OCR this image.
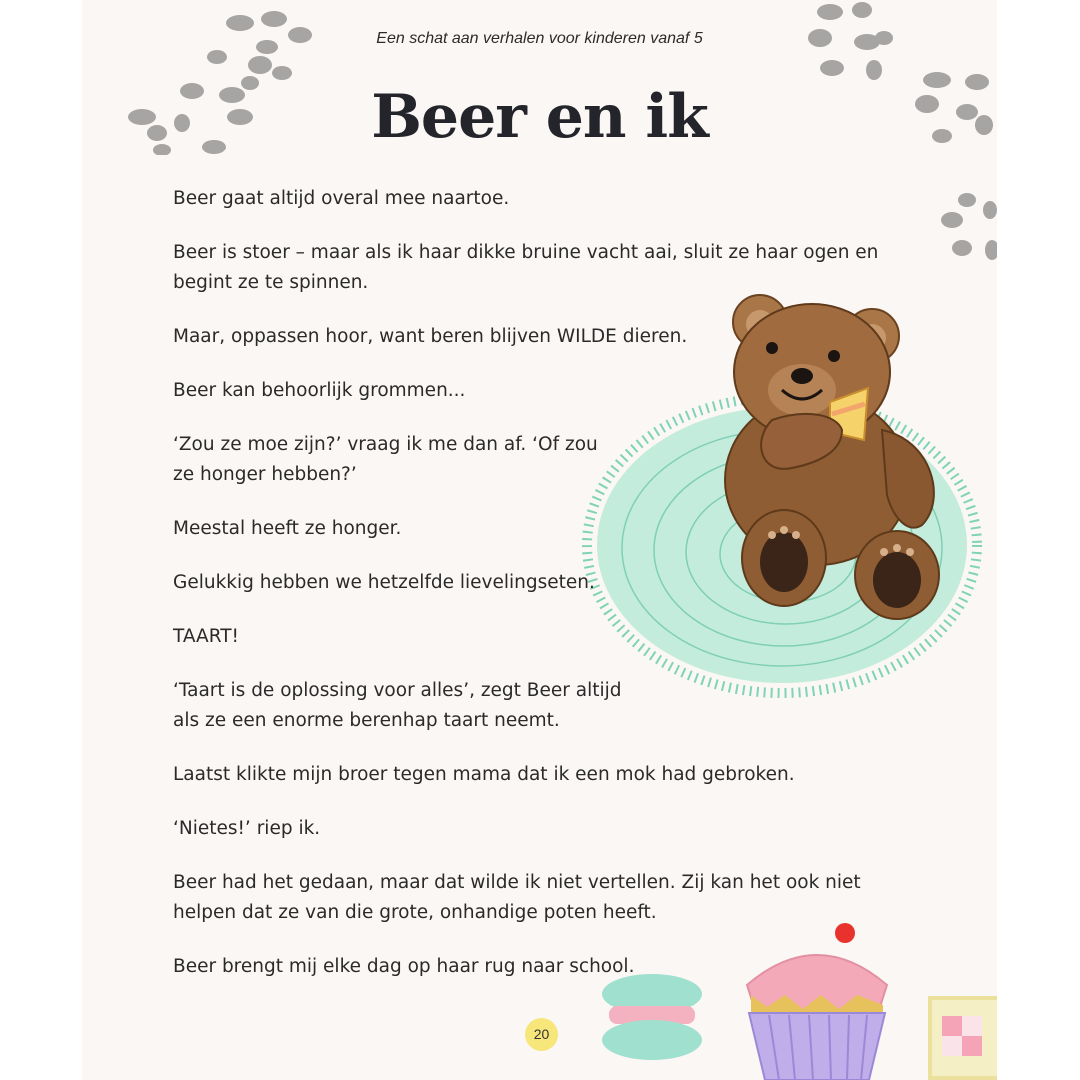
Een schat aan verhalen voor kinderen vanaf 5
Beer en ik

Beer gaat altijd overal mee naartoe.

Beer is stoer – maar als ik haar dikke bruine vacht aai, sluit ze haar ogen en begint ze te spinnen.

Maar, oppassen hoor, want beren blijven WILDE dieren.

Beer kan behoorlijk grommen...

‘Zou ze moe zijn?’ vraag ik me dan af. ‘Of zou ze honger hebben?’

Meestal heeft ze honger.

Gelukkig hebben we hetzelfde lievelingseten.

TAART!

‘Taart is de oplossing voor alles’, zegt Beer altijd als ze een enorme berenhap taart neemt.

Laatst klikte mijn broer tegen mama dat ik een mok had gebroken.

‘Nietes!’ riep ik.

Beer had het gedaan, maar dat wilde ik niet vertellen. Zij kan het ook niet helpen dat ze van die grote, onhandige poten heeft.

Beer brengt mij elke dag op haar rug naar school.

20
